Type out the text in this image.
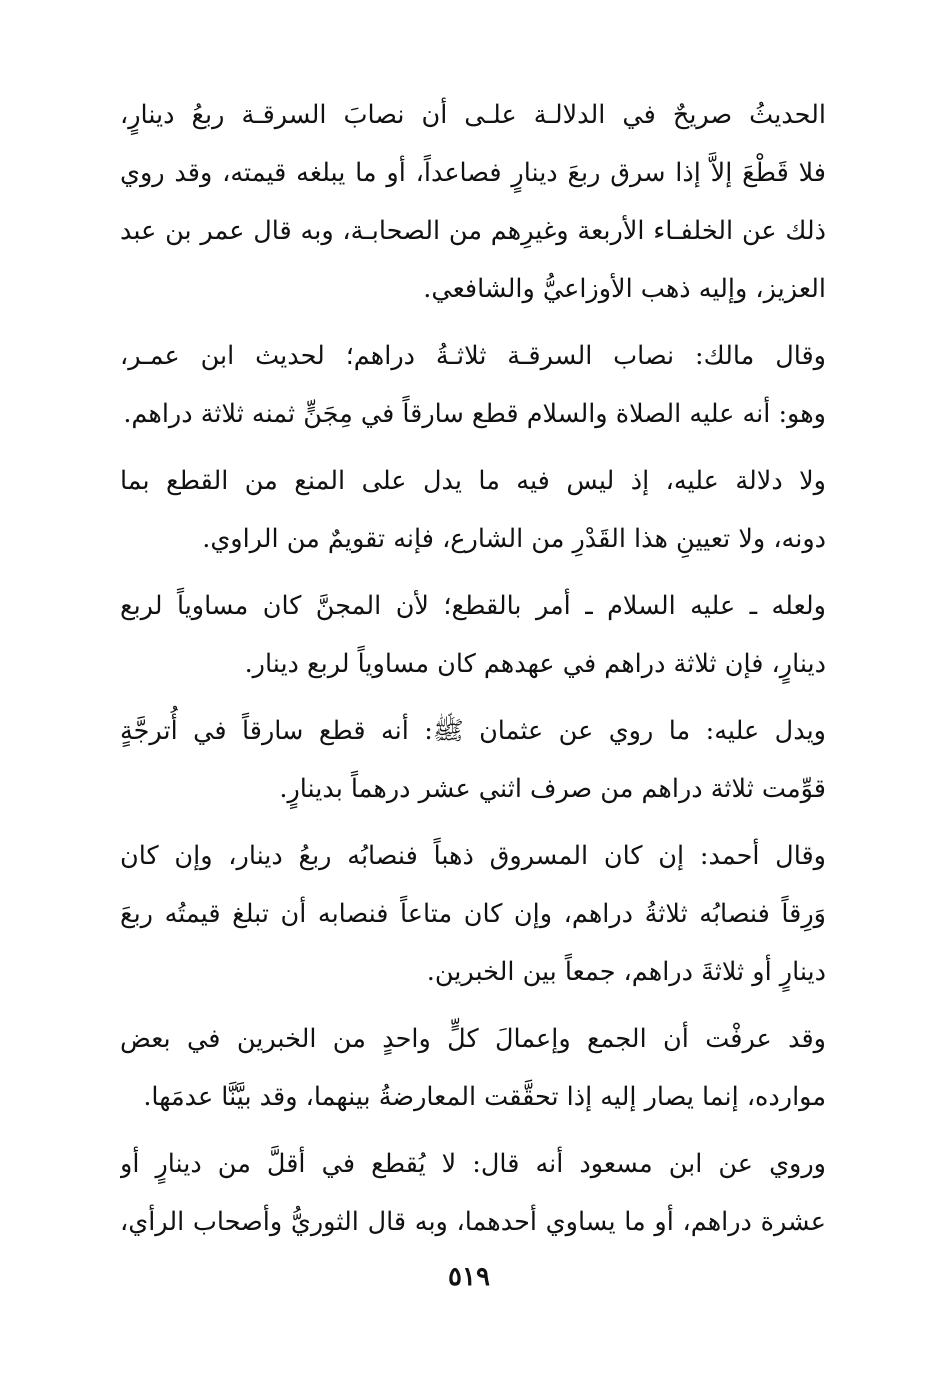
الحديثُ صريحٌ في الدلالـة علـى أن نصابَ السرقـة ربعُ دينارٍ،
فلا قَطْعَ إلاَّ إذا سرق ربعَ دينارٍ فصاعداً، أو ما يبلغه قيمته، وقد روي
ذلك عن الخلفـاء الأربعة وغيرِهم من الصحابـة، وبه قال عمر بن عبد
العزيز، وإليه ذهب الأوزاعيُّ والشافعي.

وقال مالك: نصاب السرقـة ثلاثـةُ دراهم؛ لحديث ابن عمـر،
وهو: أنه عليه الصلاة والسلام قطع سارقاً في مِجَنٍّ ثمنه ثلاثة دراهم.

ولا دلالة عليه، إذ ليس فيه ما يدل على المنع من القطع بما
دونه، ولا تعيينِ هذا القَدْرِ من الشارع، فإنه تقويمٌ من الراوي.

ولعله ـ عليه السلام ـ أمر بالقطع؛ لأن المجنَّ كان مساوياً لربع
دينارٍ، فإن ثلاثة دراهم في عهدهم كان مساوياً لربع دينار.

ويدل عليه: ما روي عن عثمان ﷺ: أنه قطع سارقاً في أُترجَّةٍ
قوِّمت ثلاثة دراهم من صرف اثني عشر درهماً بدينارٍ.

وقال أحمد: إن كان المسروق ذهباً فنصابُه ربعُ دينار، وإن كان
وَرِقاً فنصابُه ثلاثةُ دراهم، وإن كان متاعاً فنصابه أن تبلغ قيمتُه ربعَ
دينارٍ أو ثلاثةَ دراهم، جمعاً بين الخبرين.

وقد عرفْت أن الجمع وإعمالَ كلٍّ واحدٍ من الخبرين في بعض
موارده، إنما يصار إليه إذا تحقَّقت المعارضةُ بينهما، وقد بيَّنَّا عدمَها.

وروي عن ابن مسعود أنه قال: لا يُقطع في أقلَّ من دينارٍ أو
عشرة دراهم، أو ما يساوي أحدهما، وبه قال الثوريُّ وأصحاب الرأي،

٥١٩
